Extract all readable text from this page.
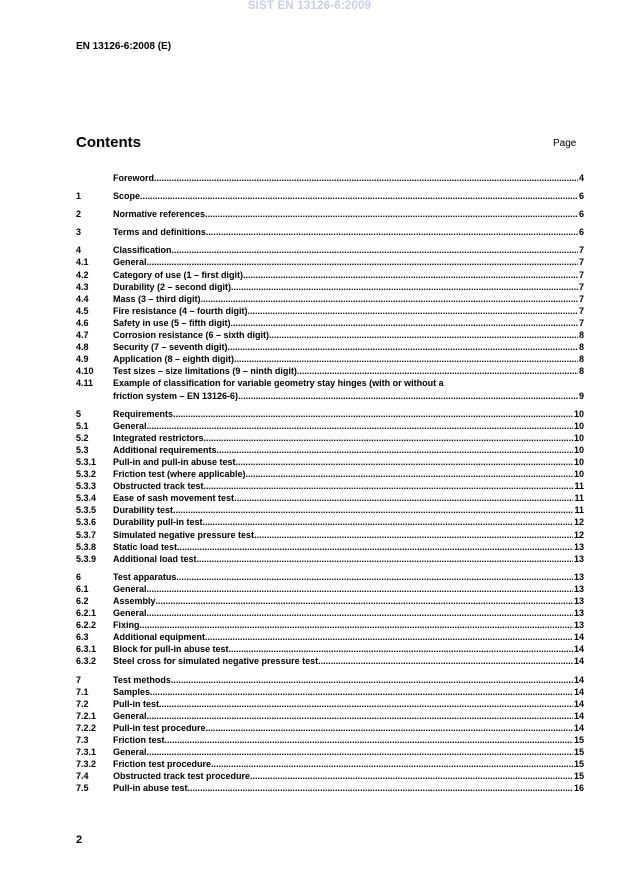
SIST EN 13126-6:2009
EN 13126-6:2008 (E)
Contents	Page
Foreword .....	4
1	Scope .....	6
2	Normative references .....	6
3	Terms and definitions .....	6
4	Classification .....	7
4.1	General .....	7
4.2	Category of use (1 – first digit) .....	7
4.3	Durability (2 – second digit) .....	7
4.4	Mass (3 – third digit) .....	7
4.5	Fire resistance (4 – fourth digit) .....	7
4.6	Safety in use (5 – fifth digit) .....	7
4.7	Corrosion resistance (6 – sixth digit) .....	8
4.8	Security (7 – seventh digit) .....	8
4.9	Application (8 – eighth digit) .....	8
4.10	Test sizes – size limitations (9 – ninth digit) .....	8
4.11	Example of classification for variable geometry stay hinges (with or without a
friction system – EN 13126-6) .....	9
5	Requirements .....	10
5.1	General .....	10
5.2	Integrated restrictors .....	10
5.3	Additional requirements .....	10
5.3.1	Pull-in and pull-in abuse test .....	10
5.3.2	Friction test (where applicable) .....	10
5.3.3	Obstructed track test .....	11
5.3.4	Ease of sash movement test .....	11
5.3.5	Durability test .....	11
5.3.6	Durability pull-in test .....	12
5.3.7	Simulated negative pressure test .....	12
5.3.8	Static load test .....	13
5.3.9	Additional load test .....	13
6	Test apparatus .....	13
6.1	General .....	13
6.2	Assembly .....	13
6.2.1	General .....	13
6.2.2	Fixing .....	13
6.3	Additional equipment .....	14
6.3.1	Block for pull-in abuse test .....	14
6.3.2	Steel cross for simulated negative pressure test .....	14
7	Test methods .....	14
7.1	Samples .....	14
7.2	Pull-in test .....	14
7.2.1	General .....	14
7.2.2	Pull-in test procedure .....	14
7.3	Friction test .....	15
7.3.1	General .....	15
7.3.2	Friction test procedure .....	15
7.4	Obstructed track test procedure .....	15
7.5	Pull-in abuse test .....	16
2
